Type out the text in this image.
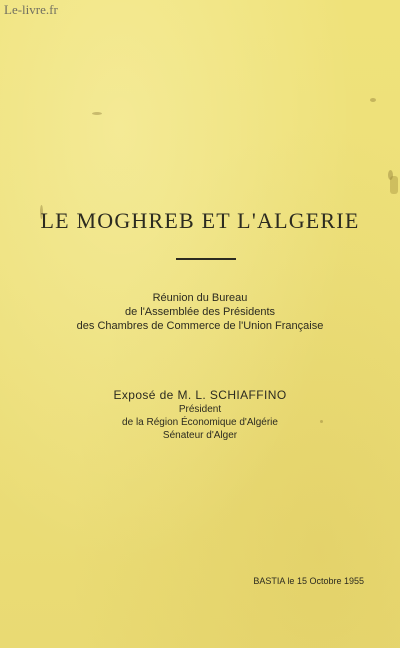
Le-livre.fr
LE MOGHREB ET L'ALGERIE
Réunion du Bureau
de l'Assemblée des Présidents
des Chambres de Commerce de l'Union Française
Exposé de M. L. SCHIAFFINO
Président
de la Région Économique d'Algérie
Sénateur d'Alger
BASTIA le 15 Octobre 1955
